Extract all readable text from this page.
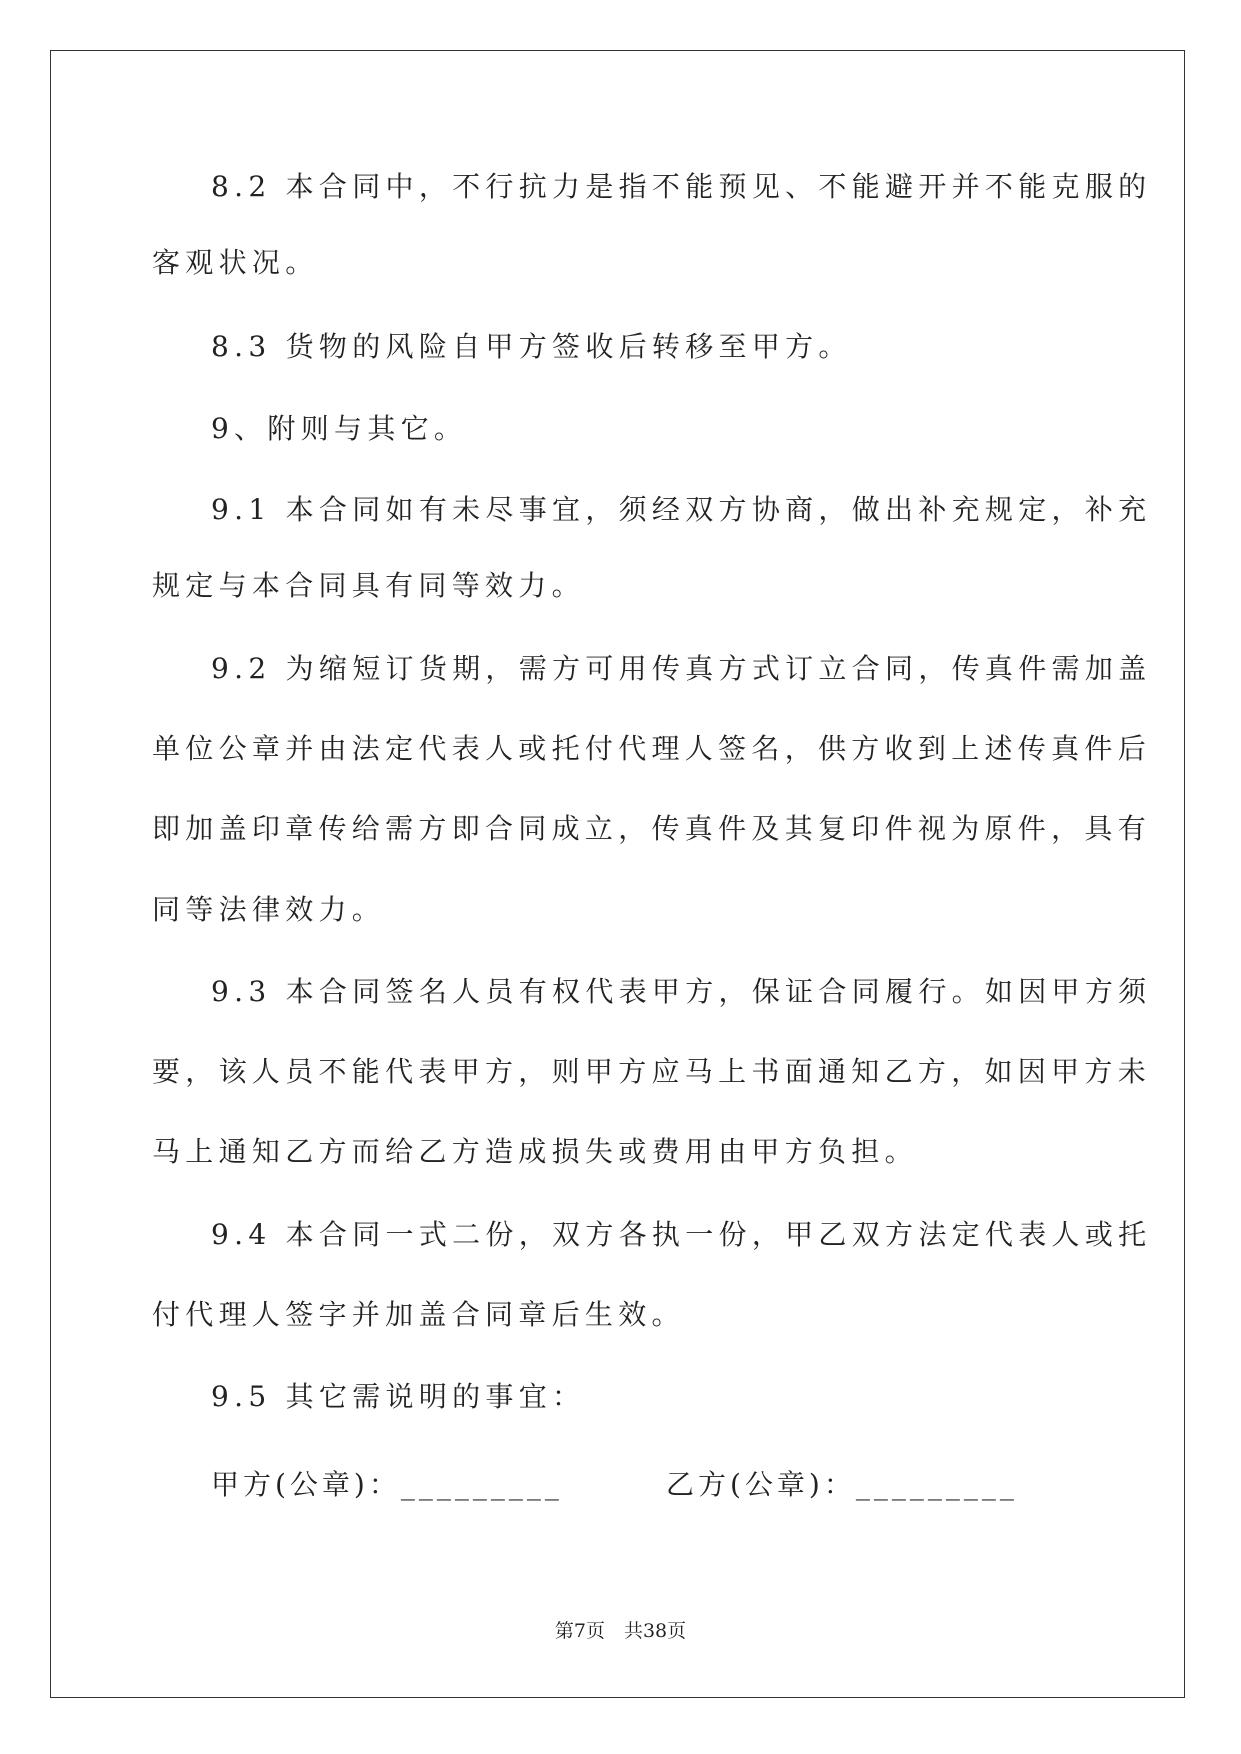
8.2 本合同中，不行抗力是指不能预见、不能避开并不能克服的
客观状况。
8.3 货物的风险自甲方签收后转移至甲方。
9、附则与其它。
9.1 本合同如有未尽事宜，须经双方协商，做出补充规定，补充
规定与本合同具有同等效力。
9.2 为缩短订货期，需方可用传真方式订立合同，传真件需加盖
单位公章并由法定代表人或托付代理人签名，供方收到上述传真件后
即加盖印章传给需方即合同成立，传真件及其复印件视为原件，具有
同等法律效力。
9.3 本合同签名人员有权代表甲方，保证合同履行。如因甲方须
要，该人员不能代表甲方，则甲方应马上书面通知乙方，如因甲方未
马上通知乙方而给乙方造成损失或费用由甲方负担。
9.4 本合同一式二份，双方各执一份，甲乙双方法定代表人或托
付代理人签字并加盖合同章后生效。
9.5 其它需说明的事宜：
甲方(公章)：_________	乙方(公章)：_________
第7页　共38页
